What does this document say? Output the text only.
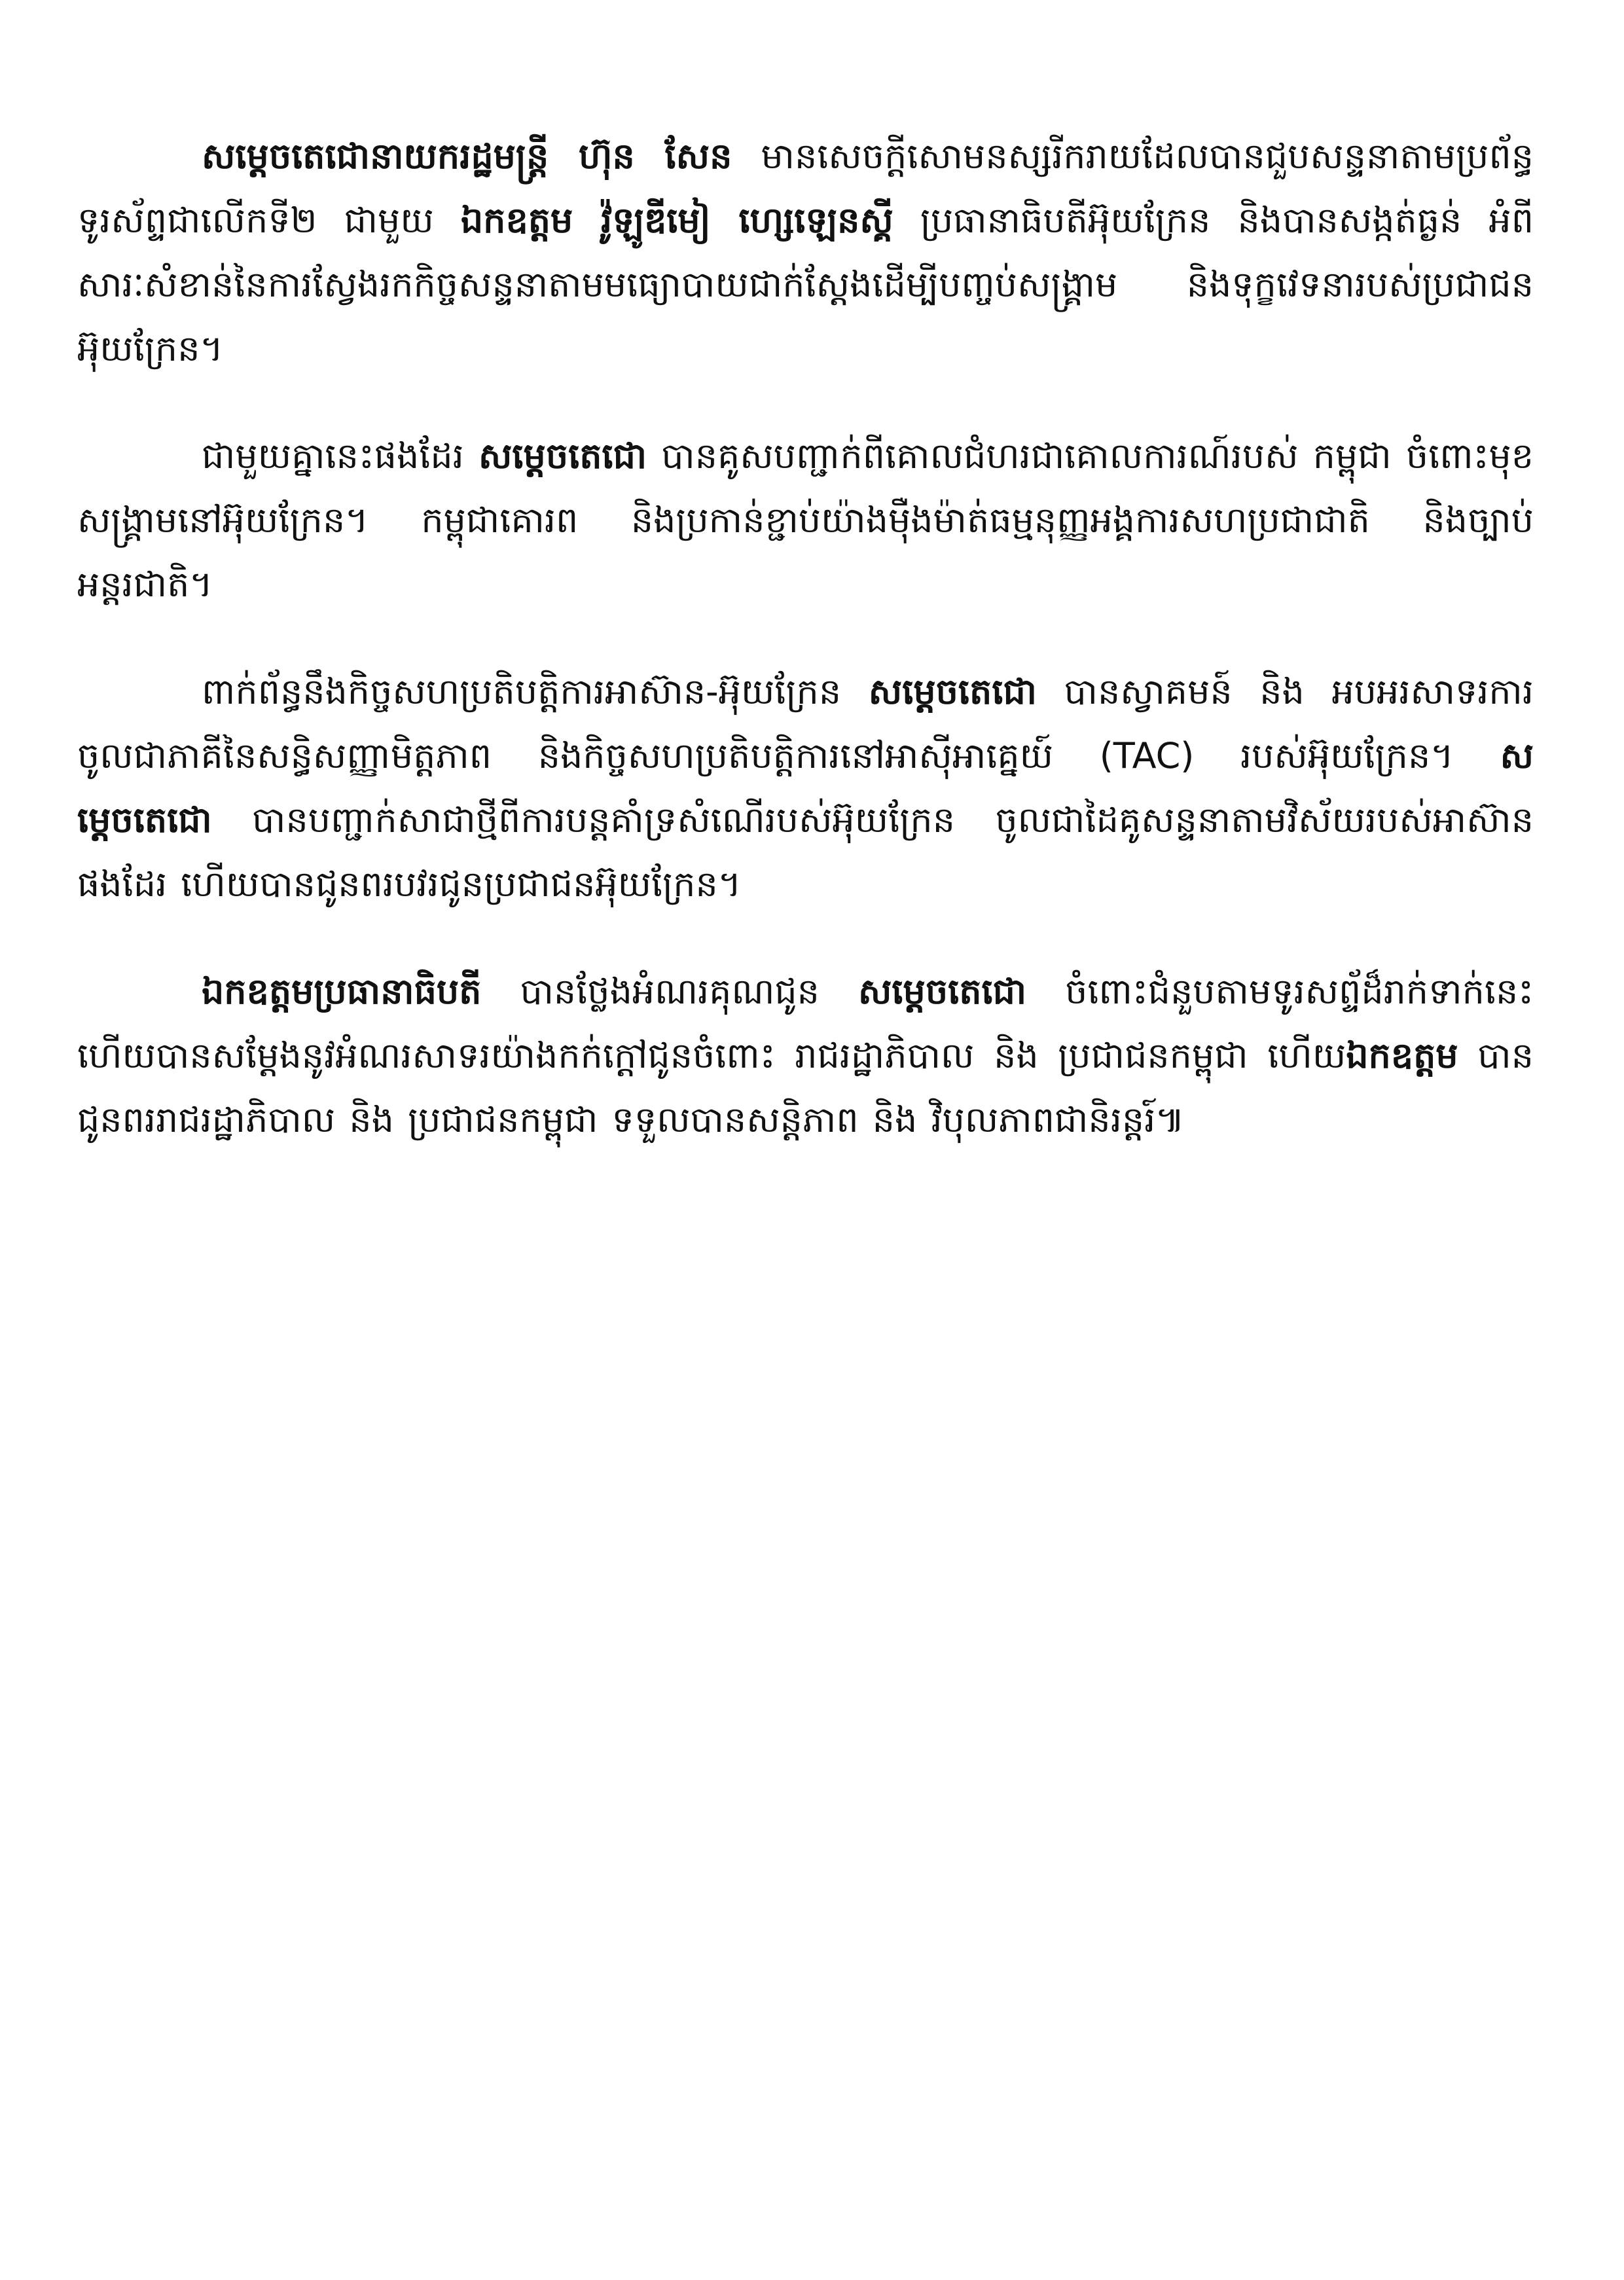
សម្តេចតេជោនាយករដ្ឋមន្ត្រី ហ៊ុន សែន មានសេចក្តីសោមនស្សរីករាយដែលបានជួបសន្ទនាតាមប្រព័ន្ធទូរស័ព្ទជាលើកទី២ ជាមួយ ឯកឧត្តម វ៉ូឡូឌីមៀ ហ្សេឡេនស្គី ប្រធានាធិបតីអ៊ុយក្រែន និងបានសង្កត់ធ្ងន់ អំពីសារៈសំខាន់នៃការស្វែងរកកិច្ចសន្ទនាតាមមធ្យោបាយជាក់ស្តែងដើម្បីបញ្ចប់សង្គ្រាម និងទុក្ខវេទនារបស់ប្រជាជនអ៊ុយក្រែន។

ជាមួយគ្នានេះផងដែរ សម្តេចតេជោ បានគូសបញ្ជាក់ពីគោលជំហរជាគោលការណ៍របស់ កម្ពុជា ចំពោះមុខសង្គ្រាមនៅអ៊ុយក្រែន។ កម្ពុជាគោរព និងប្រកាន់ខ្ជាប់យ៉ាងម៉ឺងម៉ាត់ធម្មនុញ្ញអង្គការសហប្រជាជាតិ និងច្បាប់អន្តរជាតិ។

ពាក់ព័ន្ធនឹងកិច្ចសហប្រតិបត្តិការអាស៊ាន-អ៊ុយក្រែន សម្តេចតេជោ បានស្វាគមន៍ និង អបអរសាទរការចូលជាភាគីនៃសន្ធិសញ្ញាមិត្តភាព និងកិច្ចសហប្រតិបត្តិការនៅអាស៊ីអាគ្នេយ៍ (TAC) របស់អ៊ុយក្រែន។ សម្តេចតេជោ បានបញ្ជាក់សាជាថ្មីពីការបន្តគាំទ្រសំណើរបស់អ៊ុយក្រែន ចូលជាដៃគូសន្ទនាតាមវិស័យរបស់អាស៊ានផងដែរ ហើយបានជូនពរបវរជូនប្រជាជនអ៊ុយក្រែន។

ឯកឧត្តមប្រធានាធិបតី បានថ្លែងអំណរគុណជូន សម្តេចតេជោ ចំពោះជំនួបតាមទូរសព្ទ័ដ៏រាក់ទាក់នេះ ហើយបានសម្តែងនូវអំណរសាទរយ៉ាងកក់ក្តៅជូនចំពោះ រាជរដ្ឋាភិបាល និង ប្រជាជនកម្ពុជា ហើយឯកឧត្តម បានជូនពររាជរដ្ឋាភិបាល និង ប្រជាជនកម្ពុជា ទទួលបានសន្តិភាព និង វិបុលភាពជានិរន្តរ៍៕
